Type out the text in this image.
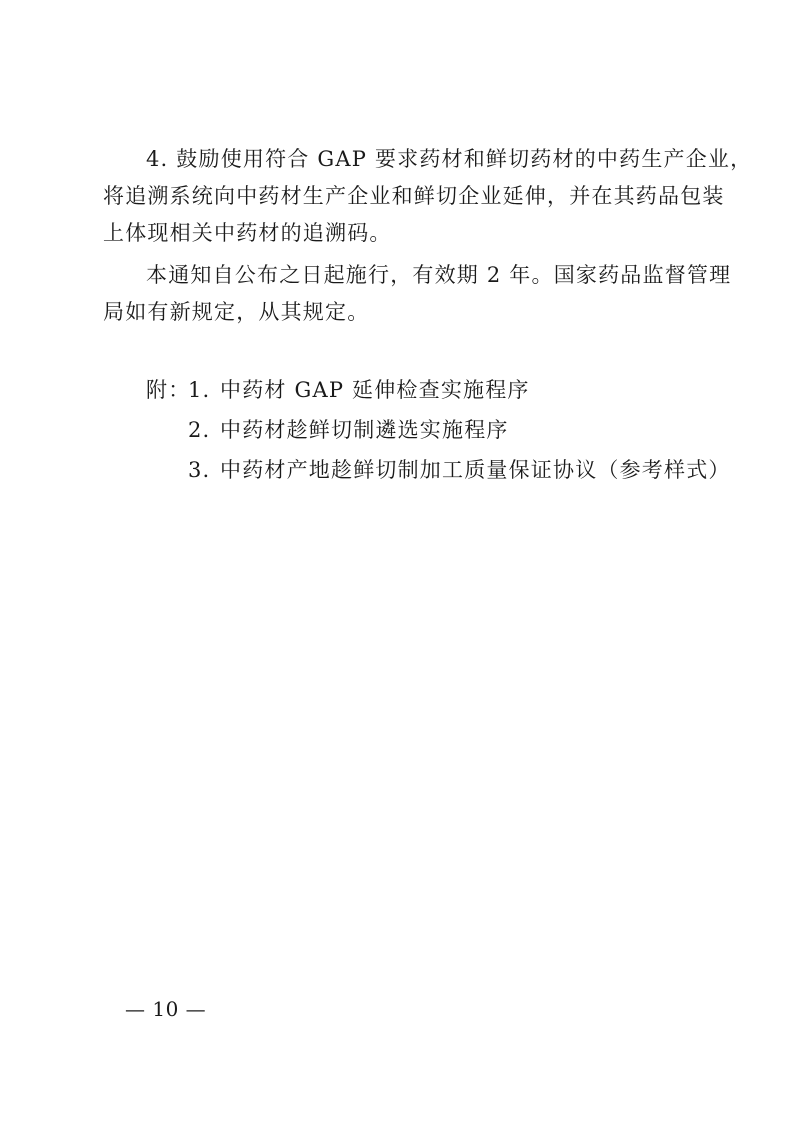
4. 鼓励使用符合 GAP 要求药材和鲜切药材的中药生产企业，
将追溯系统向中药材生产企业和鲜切企业延伸，并在其药品包装
上体现相关中药材的追溯码。
本通知自公布之日起施行，有效期 2 年。国家药品监督管理
局如有新规定，从其规定。
附：
1. 中药材 GAP 延伸检查实施程序
2. 中药材趁鲜切制遴选实施程序
3. 中药材产地趁鲜切制加工质量保证协议（参考样式）
— 10 —
